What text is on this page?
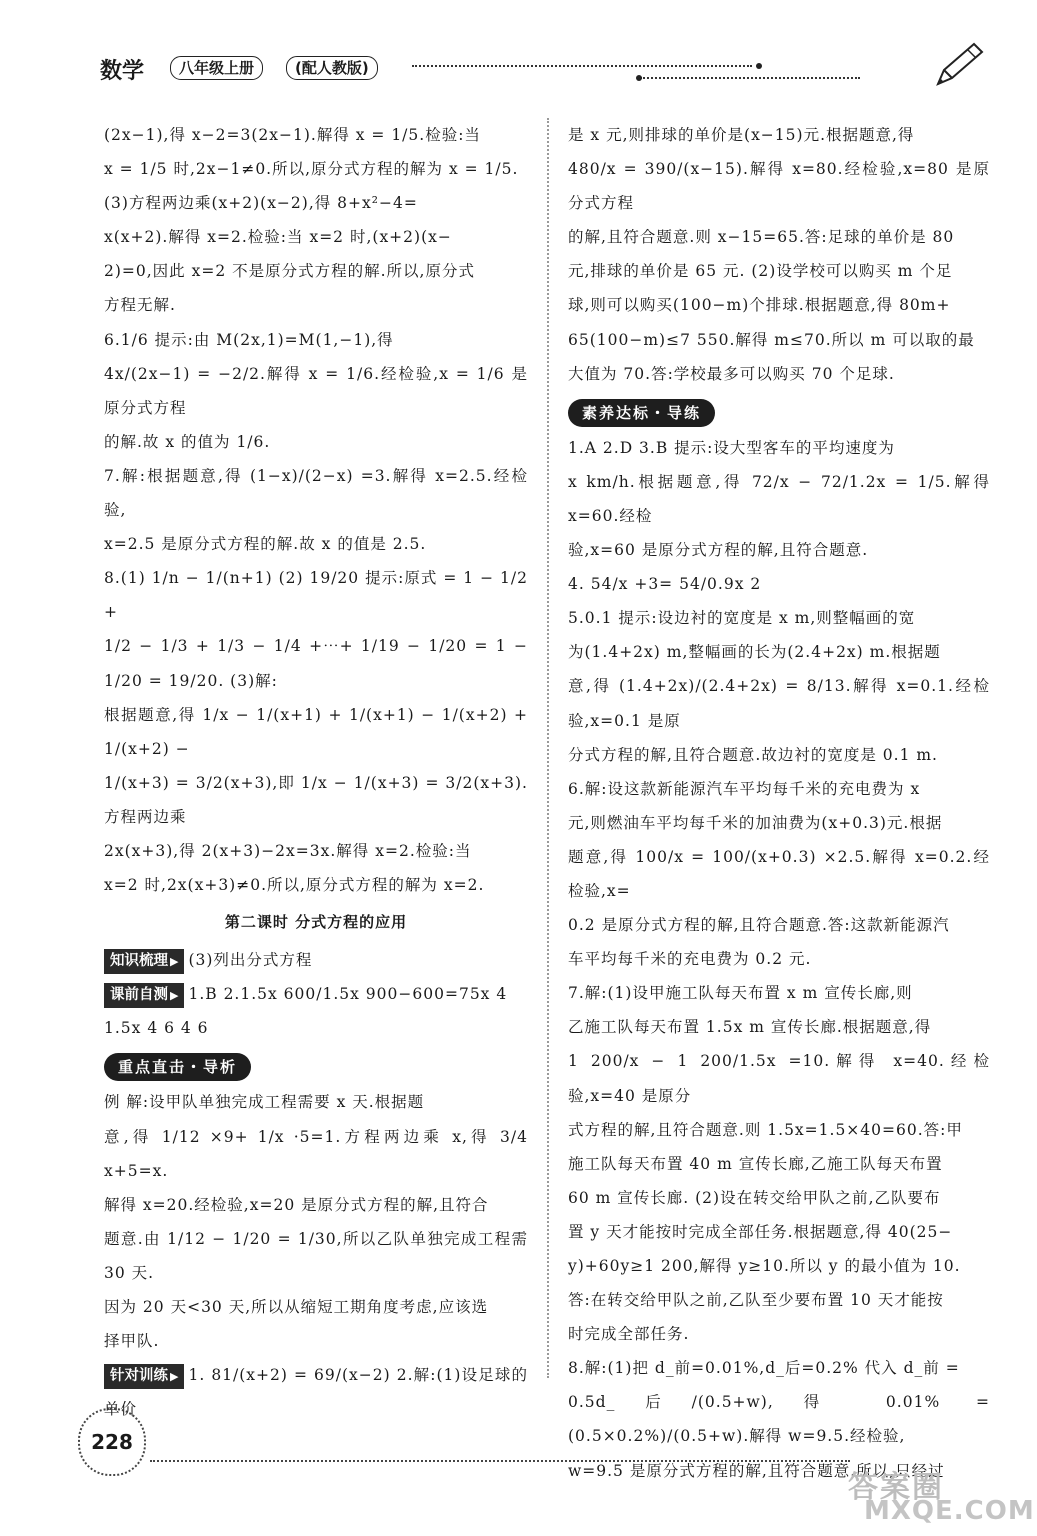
数学	八年级上册	(配人教版)

(2x−1),得 x−2=3(2x−1).解得 x = 1/5.检验:当

x = 1/5 时,2x−1≠0.所以,原分式方程的解为 x = 1/5.

(3)方程两边乘(x+2)(x−2),得 8+x²−4=

x(x+2).解得 x=2.检验:当 x=2 时,(x+2)(x−

2)=0,因此 x=2 不是原分式方程的解.所以,原分式

方程无解.

6.1/6 提示:由 M(2x,1)=M(1,−1),得

4x/(2x−1) = −2/2.解得 x = 1/6.经检验,x = 1/6 是原分式方程

的解.故 x 的值为 1/6.

7.解:根据题意,得 (1−x)/(2−x) =3.解得 x=2.5.经检验,

x=2.5 是原分式方程的解.故 x 的值是 2.5.

8.(1) 1/n − 1/(n+1) (2) 19/20 提示:原式 = 1 − 1/2 +

1/2 − 1/3 + 1/3 − 1/4 +⋯+ 1/19 − 1/20 = 1 − 1/20 = 19/20. (3)解:

根据题意,得 1/x − 1/(x+1) + 1/(x+1) − 1/(x+2) + 1/(x+2) −

1/(x+3) = 3/2(x+3),即 1/x − 1/(x+3) = 3/2(x+3).方程两边乘

2x(x+3),得 2(x+3)−2x=3x.解得 x=2.检验:当

x=2 时,2x(x+3)≠0.所以,原分式方程的解为 x=2.

第二课时 分式方程的应用

知识梳理 ▶ (3)列出分式方程

课前自测 ▶ 1.B 2.1.5x 600/1.5x 900−600=75x 4

1.5x 4 6 4 6

重点直击・导析

例 解:设甲队单独完成工程需要 x 天.根据题

意,得 1/12 ×9+ 1/x ·5=1.方程两边乘 x,得 3/4 x+5=x.

解得 x=20.经检验,x=20 是原分式方程的解,且符合

题意.由 1/12 − 1/20 = 1/30,所以乙队单独完成工程需 30 天.

因为 20 天<30 天,所以从缩短工期角度考虑,应该选

择甲队.

针对训练 ▶ 1. 81/(x+2) = 69/(x−2) 2.解:(1)设足球的单价

是 x 元,则排球的单价是(x−15)元.根据题意,得

480/x = 390/(x−15).解得 x=80.经检验,x=80 是原分式方程

的解,且符合题意.则 x−15=65.答:足球的单价是 80

元,排球的单价是 65 元. (2)设学校可以购买 m 个足

球,则可以购买(100−m)个排球.根据题意,得 80m+

65(100−m)≤7 550.解得 m≤70.所以 m 可以取的最

大值为 70.答:学校最多可以购买 70 个足球.

素养达标・导练

1.A 2.D 3.B 提示:设大型客车的平均速度为

x km/h.根据题意,得 72/x − 72/1.2x = 1/5.解得 x=60.经检

验,x=60 是原分式方程的解,且符合题意.

4. 54/x +3= 54/0.9x 2

5.0.1 提示:设边衬的宽度是 x m,则整幅画的宽

为(1.4+2x) m,整幅画的长为(2.4+2x) m.根据题

意,得 (1.4+2x)/(2.4+2x) = 8/13.解得 x=0.1.经检验,x=0.1 是原

分式方程的解,且符合题意.故边衬的宽度是 0.1 m.

6.解:设这款新能源汽车平均每千米的充电费为 x

元,则燃油车平均每千米的加油费为(x+0.3)元.根据

题意,得 100/x = 100/(x+0.3) ×2.5.解得 x=0.2.经检验,x=

0.2 是原分式方程的解,且符合题意.答:这款新能源汽

车平均每千米的充电费为 0.2 元.

7.解:(1)设甲施工队每天布置 x m 宣传长廊,则

乙施工队每天布置 1.5x m 宣传长廊.根据题意,得

1 200/x − 1 200/1.5x =10.解得 x=40.经检验,x=40 是原分

式方程的解,且符合题意.则 1.5x=1.5×40=60.答:甲

施工队每天布置 40 m 宣传长廊,乙施工队每天布置

60 m 宣传长廊. (2)设在转交给甲队之前,乙队要布

置 y 天才能按时完成全部任务.根据题意,得 40(25−

y)+60y≥1 200,解得 y≥10.所以 y 的最小值为 10.

答:在转交给甲队之前,乙队至少要布置 10 天才能按

时完成全部任务.

8.解:(1)把 d_前=0.01%,d_后=0.2% 代入 d_前 =

0.5d_后/(0.5+w),得 0.01% = (0.5×0.2%)/(0.5+w).解得 w=9.5.经检验,

w=9.5 是原分式方程的解,且符合题意.所以,只经过

228
答案圈
MXQE.COM
